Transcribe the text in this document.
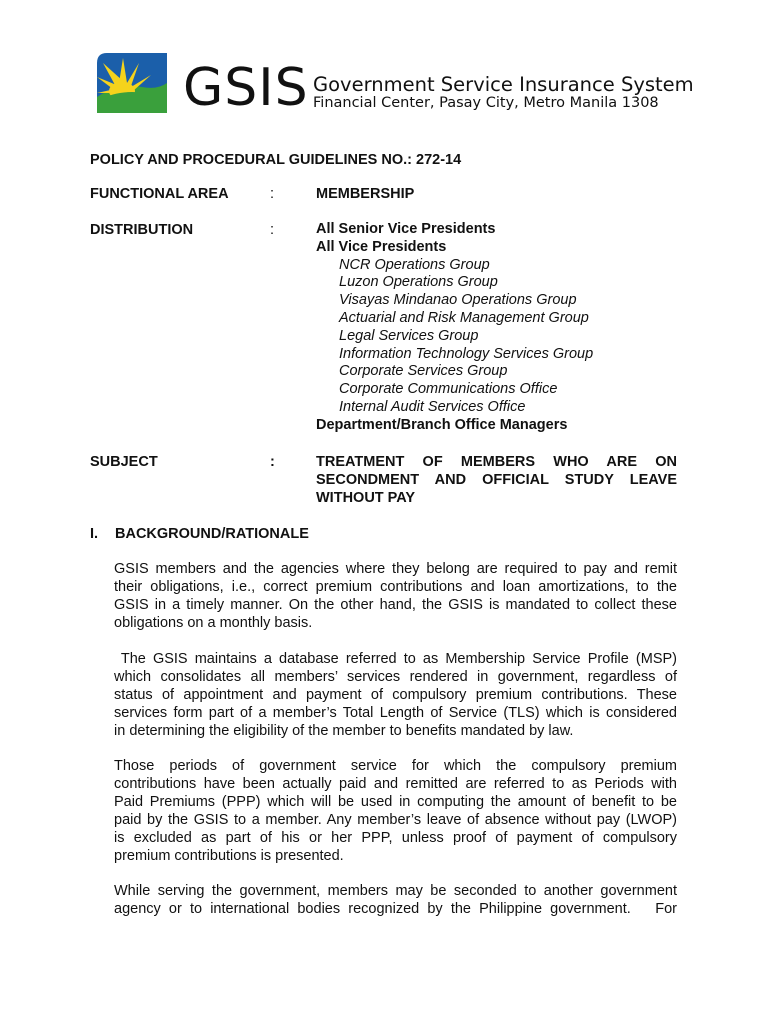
GSIS Government Service Insurance System
Financial Center, Pasay City, Metro Manila 1308
POLICY AND PROCEDURAL GUIDELINES NO.: 272-14
FUNCTIONAL AREA	:	MEMBERSHIP
DISTRIBUTION	:	All Senior Vice Presidents
All Vice Presidents
NCR Operations Group
Luzon Operations Group
Visayas Mindanao Operations Group
Actuarial and Risk Management Group
Legal Services Group
Information Technology Services Group
Corporate Services Group
Corporate Communications Office
Internal Audit Services Office
Department/Branch Office Managers
SUBJECT	:	TREATMENT OF MEMBERS WHO ARE ON
SECONDMENT AND OFFICIAL STUDY LEAVE
WITHOUT PAY
I. BACKGROUND/RATIONALE
GSIS members and the agencies where they belong are required to pay and remit
their obligations, i.e., correct premium contributions and loan amortizations, to the
GSIS in a timely manner. On the other hand, the GSIS is mandated to collect these
obligations on a monthly basis.
The GSIS maintains a database referred to as Membership Service Profile (MSP)
which consolidates all members’ services rendered in government, regardless of
status of appointment and payment of compulsory premium contributions. These
services form part of a member’s Total Length of Service (TLS) which is considered
in determining the eligibility of the member to benefits mandated by law.
Those periods of government service for which the compulsory premium
contributions have been actually paid and remitted are referred to as Periods with
Paid Premiums (PPP) which will be used in computing the amount of benefit to be
paid by the GSIS to a member. Any member’s leave of absence without pay (LWOP)
is excluded as part of his or her PPP, unless proof of payment of compulsory
premium contributions is presented.
While serving the government, members may be seconded to another government
agency or to international bodies recognized by the Philippine government.   For
